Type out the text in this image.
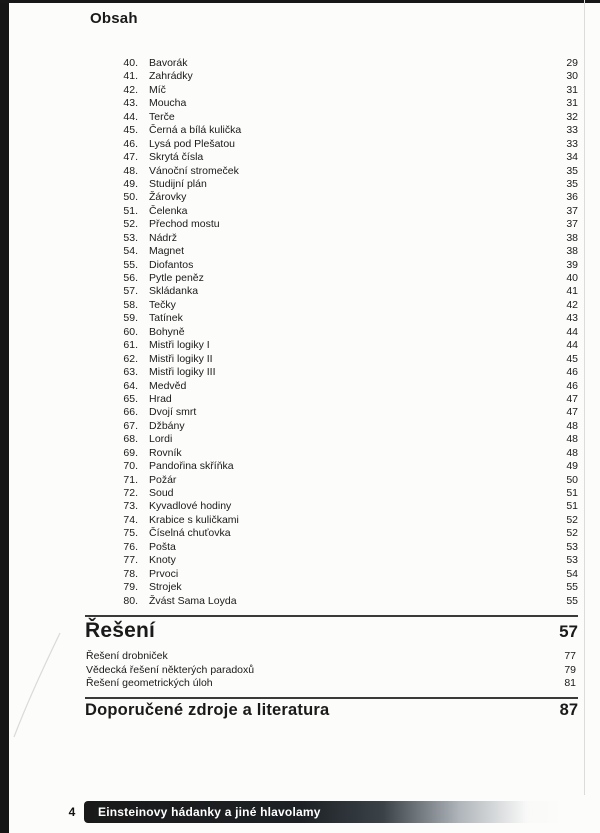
Obsah
40. Bavorák	29
41. Zahrádky	30
42. Míč	31
43. Moucha	31
44. Terče	32
45. Černá a bílá kulička	33
46. Lysá pod Plešatou	33
47. Skrytá čísla	34
48. Vánoční stromeček	35
49. Studijní plán	35
50. Žárovky	36
51. Čelenka	37
52. Přechod mostu	37
53. Nádrž	38
54. Magnet	38
55. Diofantos	39
56. Pytle peněz	40
57. Skládanka	41
58. Tečky	42
59. Tatínek	43
60. Bohyně	44
61. Mistři logiky I	44
62. Mistři logiky II	45
63. Mistři logiky III	46
64. Medvěd	46
65. Hrad	47
66. Dvojí smrt	47
67. Džbány	48
68. Lordi	48
69. Rovník	48
70. Pandořina skříňka	49
71. Požár	50
72. Soud	51
73. Kyvadlové hodiny	51
74. Krabice s kuličkami	52
75. Číselná chuťovka	52
76. Pošta	53
77. Knoty	53
78. Prvoci	54
79. Strojek	55
80. Žvást Sama Loyda	55
Řešení	57
Řešení drobniček	77
Vědecká řešení některých paradoxů	79
Řešení geometrických úloh	81
Doporučené zdroje a literatura	87
4	Einsteinovy hádanky a jiné hlavolamy
